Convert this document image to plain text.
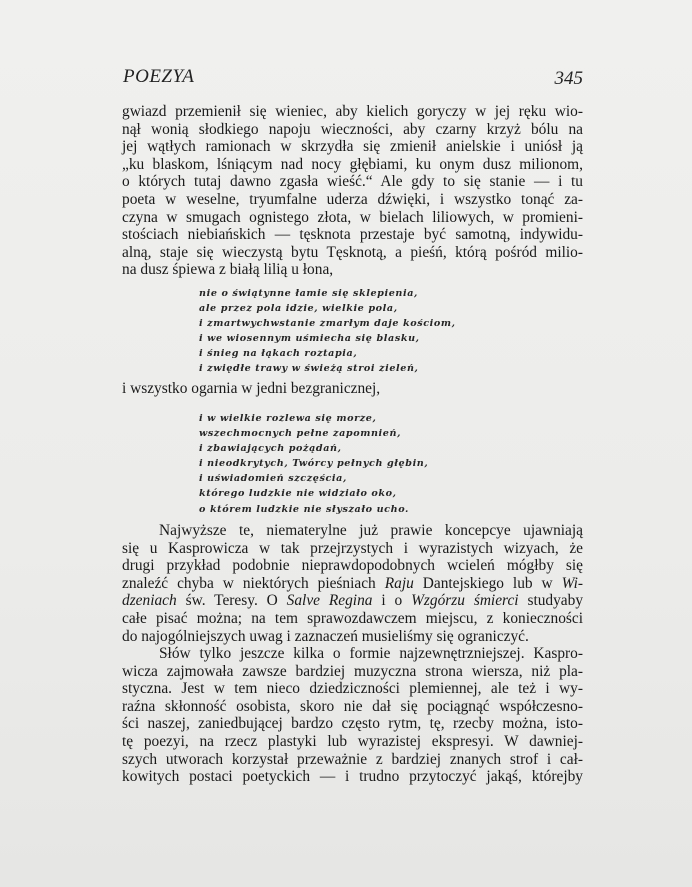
POEZYA	345
gwiazd przemienił się wieniec, aby kielich goryczy w jej ręku wio-
nął wonią słodkiego napoju wieczności, aby czarny krzyż bólu na
jej wątłych ramionach w skrzydła się zmienił anielskie i uniósł ją
„ku blaskom, lśniącym nad nocy głębiami, ku onym dusz milionom,
o których tutaj dawno zgasła wieść.“ Ale gdy to się stanie — i tu
poeta w weselne, tryumfalne uderza dźwięki, i wszystko tonąć za-
czyna w smugach ognistego złota, w bielach liliowych, w promieni-
stościach niebiańskich — tęsknota przestaje być samotną, indywidu-
alną, staje się wieczystą bytu Tęsknotą, a pieśń, którą pośród milio-
na dusz śpiewa z białą lilią u łona,
nie o świątynne łamie się sklepienia,
ale przez pola idzie, wielkie pola,
i zmartwychwstanie zmarłym daje kościom,
i we wiosennym uśmiecha się blasku,
i śnieg na łąkach roztapia,
i zwiędłe trawy w świeżą stroi zieleń,
i wszystko ogarnia w jedni bezgranicznej,
i w wielkie rozlewa się morze,
wszechmocnych pełne zapomnień,
i zbawiających pożądań,
i nieodkrytych, Twórcy pełnych głębin,
i uświadomień szczęścia,
którego ludzkie nie widziało oko,
o którem ludzkie nie słyszało ucho.
Najwyższe te, niematerylne już prawie koncepcye ujawniają
się u Kasprowicza w tak przejrzystych i wyrazistych wizyach, że
drugi przykład podobnie nieprawdopodobnych wcieleń mógłby się
znaleźć chyba w niektórych pieśniach Raju Dantejskiego lub w Wi-
dzeniach św. Teresy. O Salve Regina i o Wzgórzu śmierci studyaby
całe pisać można; na tem sprawozdawczem miejscu, z konieczności
do najogólniejszych uwag i zaznaczeń musieliśmy się ograniczyć.
Słów tylko jeszcze kilka o formie najzewnętrzniejszej. Kaspro-
wicza zajmowała zawsze bardziej muzyczna strona wiersza, niż pla-
styczna. Jest w tem nieco dziedziczności plemiennej, ale też i wy-
raźna skłonność osobista, skoro nie dał się pociągnąć współczesno-
ści naszej, zaniedbującej bardzo często rytm, tę, rzecby można, isto-
tę poezyi, na rzecz plastyki lub wyrazistej ekspresyi. W dawniej-
szych utworach korzystał przeważnie z bardziej znanych strof i cał-
kowitych postaci poetyckich — i trudno przytoczyć jakąś, którejby
